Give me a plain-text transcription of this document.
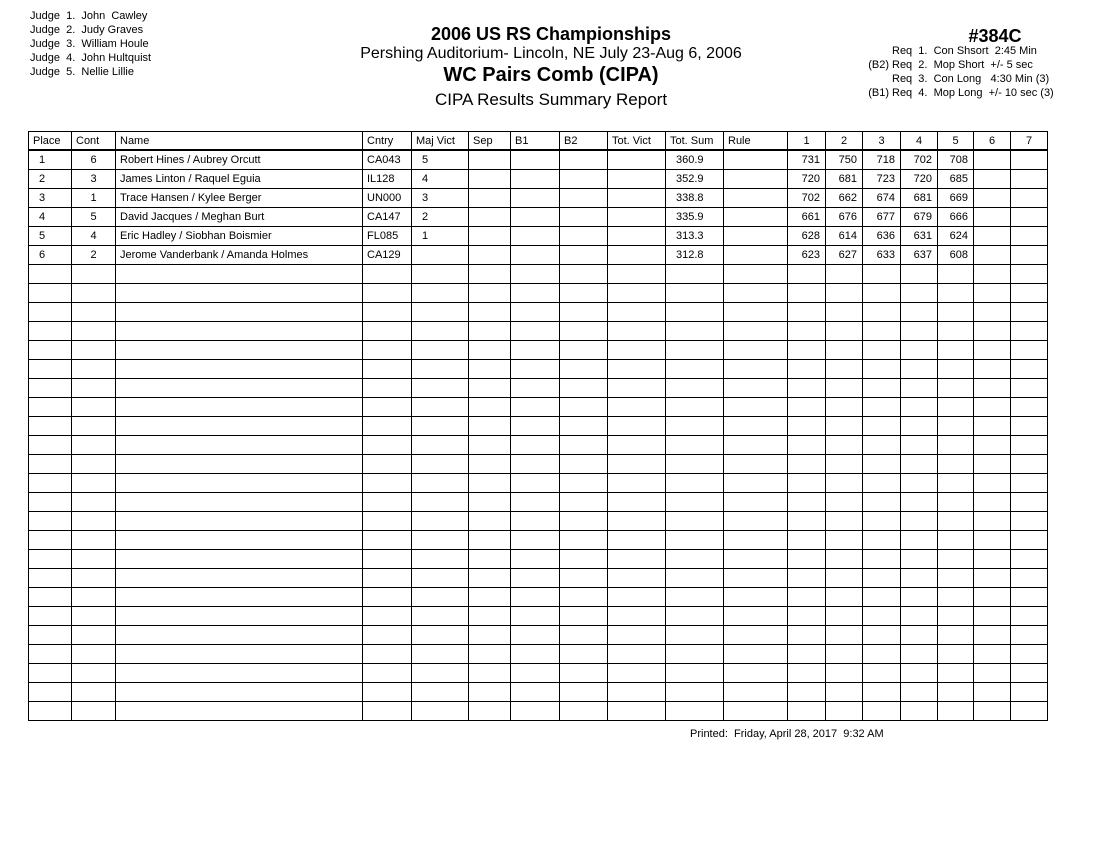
Judge  1.  John  Cawley
Judge  2.  Judy Graves
Judge  3.  William Houle
Judge  4.  John Hultquist
Judge  5.  Nellie Lillie
2006 US RS Championships
Pershing Auditorium- Lincoln, NE July 23-Aug 6, 2006
WC Pairs Comb (CIPA)
CIPA Results Summary Report
#384C
Req  1.  Con Shsort  2:45 Min
(B2) Req  2.  Mop Short  +/- 5 sec
Req  3.  Con Long   4:30 Min (3)
(B1) Req  4.  Mop Long  +/- 10 sec (3)
Place	Cont	Name	Cntry	Maj Vict	Sep	B1	B2	Tot. Vict	Tot. Sum	Rule	1	2	3	4	5	6	7
1	6	Robert Hines / Aubrey Orcutt	CA043	5					360.9		731	750	718	702	708		
2	3	James Linton / Raquel Eguia	IL128	4					352.9		720	681	723	720	685		
3	1	Trace Hansen / Kylee Berger	UN000	3					338.8		702	662	674	681	669		
4	5	David Jacques / Meghan Burt	CA147	2					335.9		661	676	677	679	666		
5	4	Eric Hadley / Siobhan Boismier	FL085	1					313.3		628	614	636	631	624		
6	2	Jerome Vanderbank / Amanda Holmes	CA129						312.8		623	627	633	637	608		

Printed:  Friday, April 28, 2017  9:32 AM
